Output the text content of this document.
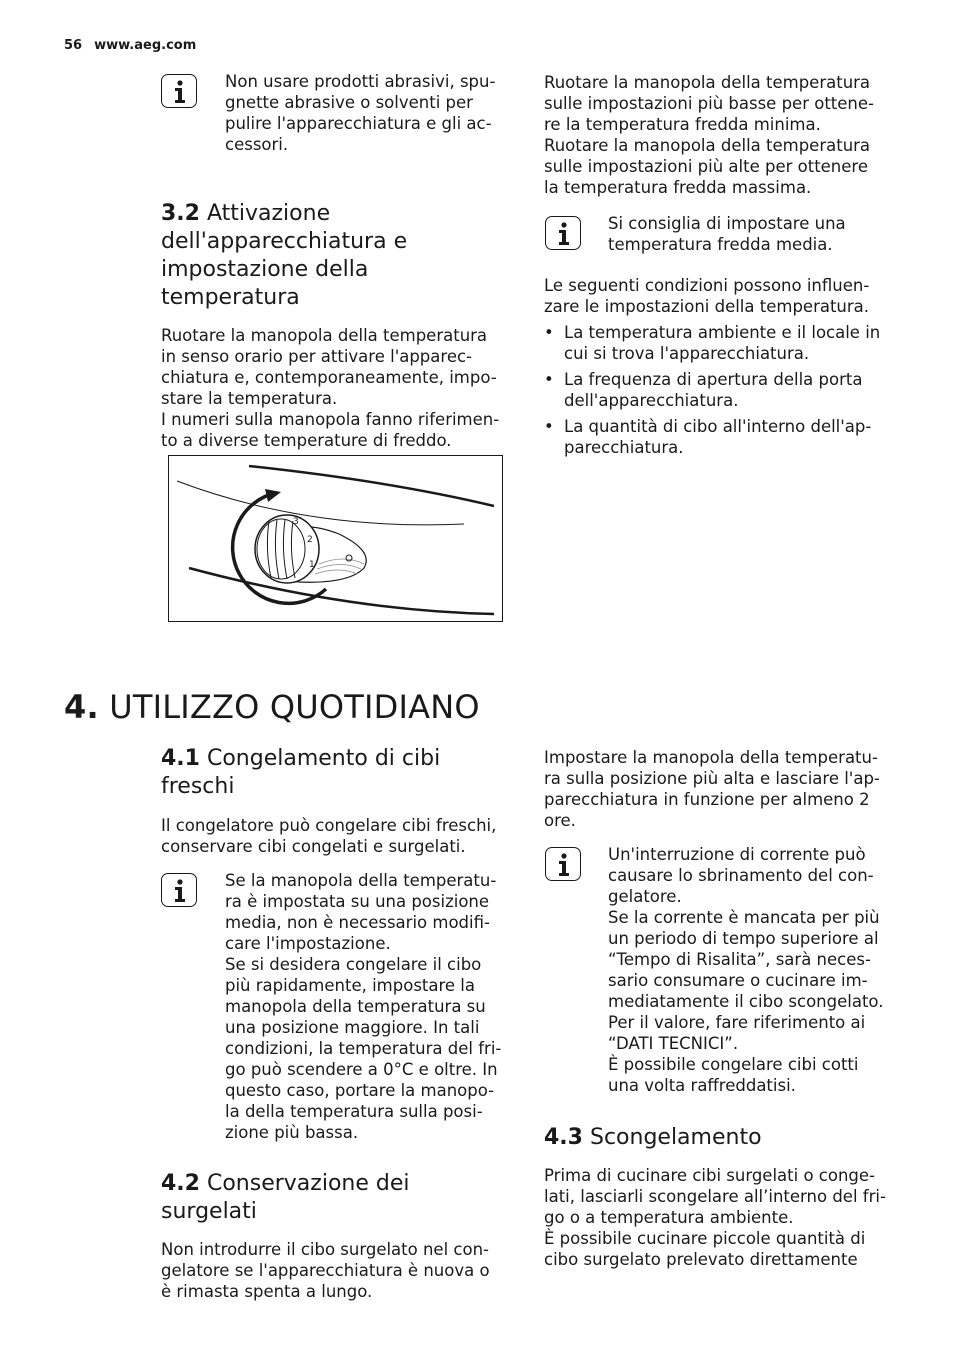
56 www.aeg.com

Non usare prodotti abrasivi, spu-

gnette abrasive o solventi per

pulire l'apparecchiatura e gli ac-

cessori.

3.2 Attivazione
dell'apparecchiatura e
impostazione della
temperatura

Ruotare la manopola della temperatura

in senso orario per attivare l'apparec-

chiatura e, contemporaneamente, impo-

stare la temperatura.

I numeri sulla manopola fanno riferimen-

to a diverse temperature di freddo.

3
2
1

Ruotare la manopola della temperatura

sulle impostazioni più basse per ottene-

re la temperatura fredda minima.

Ruotare la manopola della temperatura

sulle impostazioni più alte per ottenere

la temperatura fredda massima.

Si consiglia di impostare una

temperatura fredda media.

Le seguenti condizioni possono influen-

zare le impostazioni della temperatura.

• La temperatura ambiente e il locale in

cui si trova l'apparecchiatura.

• La frequenza di apertura della porta

dell'apparecchiatura.

• La quantità di cibo all'interno dell'ap-

parecchiatura.

4. UTILIZZO QUOTIDIANO
4.1 Congelamento di cibi
freschi

Il congelatore può congelare cibi freschi,

conservare cibi congelati e surgelati.

Se la manopola della temperatu-

ra è impostata su una posizione

media, non è necessario modifi-

care l'impostazione.

Se si desidera congelare il cibo

più rapidamente, impostare la

manopola della temperatura su

una posizione maggiore. In tali

condizioni, la temperatura del fri-

go può scendere a 0°C e oltre. In

questo caso, portare la manopo-

la della temperatura sulla posi-

zione più bassa.

4.2 Conservazione dei
surgelati

Non introdurre il cibo surgelato nel con-

gelatore se l'apparecchiatura è nuova o

è rimasta spenta a lungo.

Impostare la manopola della temperatu-

ra sulla posizione più alta e lasciare l'ap-

parecchiatura in funzione per almeno 2

ore.

Un'interruzione di corrente può

causare lo sbrinamento del con-

gelatore.

Se la corrente è mancata per più

un periodo di tempo superiore al

“Tempo di Risalita”, sarà neces-

sario consumare o cucinare im-

mediatamente il cibo scongelato.

Per il valore, fare riferimento ai

“DATI TECNICI”.

È possibile congelare cibi cotti

una volta raffreddatisi.

4.3 Scongelamento

Prima di cucinare cibi surgelati o conge-

lati, lasciarli scongelare all’interno del fri-

go o a temperatura ambiente.

È possibile cucinare piccole quantità di

cibo surgelato prelevato direttamente
